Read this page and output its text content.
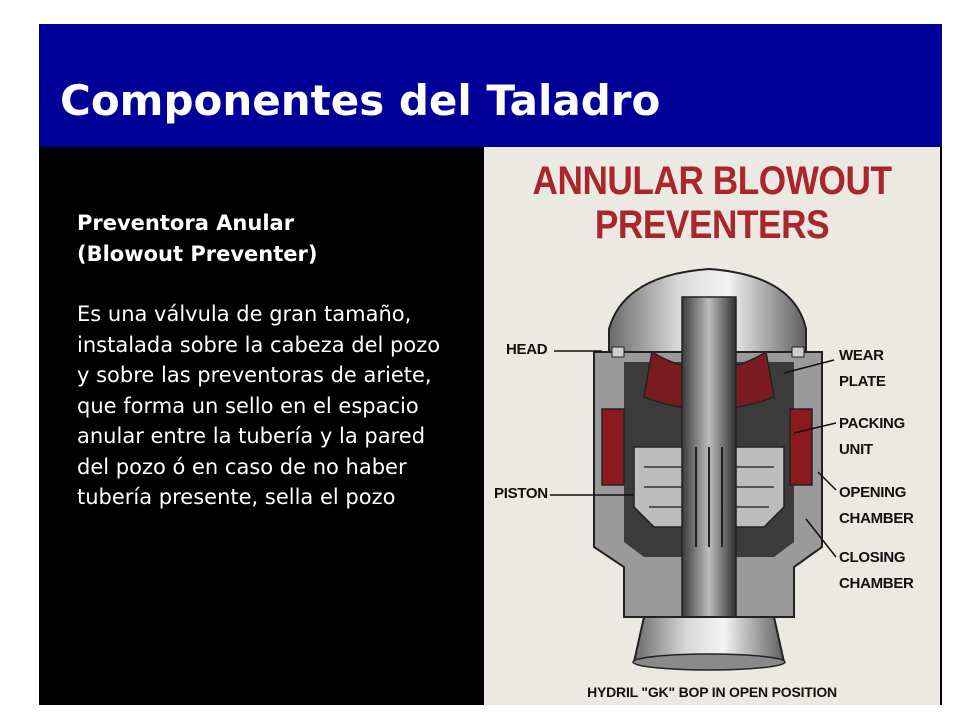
Componentes del Taladro

Preventora Anular
(Blowout Preventer)

Es una válvula de gran tamaño, instalada sobre la cabeza del pozo y sobre las preventoras de ariete, que forma un sello en el espacio anular entre la tubería y la pared del pozo ó en caso de no haber tubería presente, sella el pozo

ANNULAR BLOWOUT
PREVENTERS
HEAD
PISTON
WEAR
PLATE
PACKING
UNIT
OPENING
CHAMBER
CLOSING
CHAMBER
HYDRIL "GK" BOP IN OPEN POSITION
